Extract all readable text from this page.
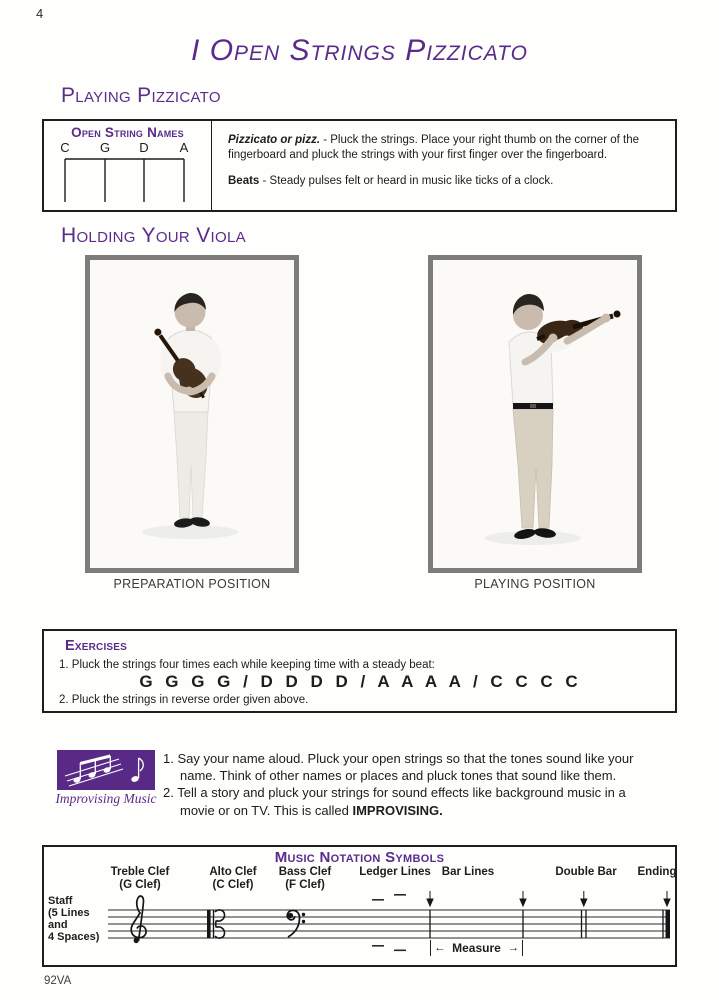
4
I Open Strings Pizzicato
Playing Pizzicato
Open String Names
C G D A	Pizzicato or pizz. - Pluck the strings. Place your right thumb on the corner of the fingerboard and pluck the strings with your first finger over the fingerboard.

Beats - Steady pulses felt or heard in music like ticks of a clock.

Holding Your Viola
PREPARATION POSITION	PLAYING POSITION
Exercises

1. Pluck the strings four times each while keeping time with a steady beat:

G G G G / D D D D / A A A A / C C C C

2. Pluck the strings in reverse order given above.

Improvising Music

1. Say your name aloud. Pluck your open strings so that the tones sound like your name. Think of other names or places and pluck tones that sound like them.

2. Tell a story and pluck your strings for sound effects like background music in a movie or on TV. This is called IMPROVISING.

Music Notation Symbols
Treble Clef
(G Clef)
Alto Clef
(C Clef)
Bass Clef
(F Clef)
Ledger Lines Bar Lines	Double Bar	Ending
Staff
(5 Lines
and
4 Spaces)
← Measure →
92VA
